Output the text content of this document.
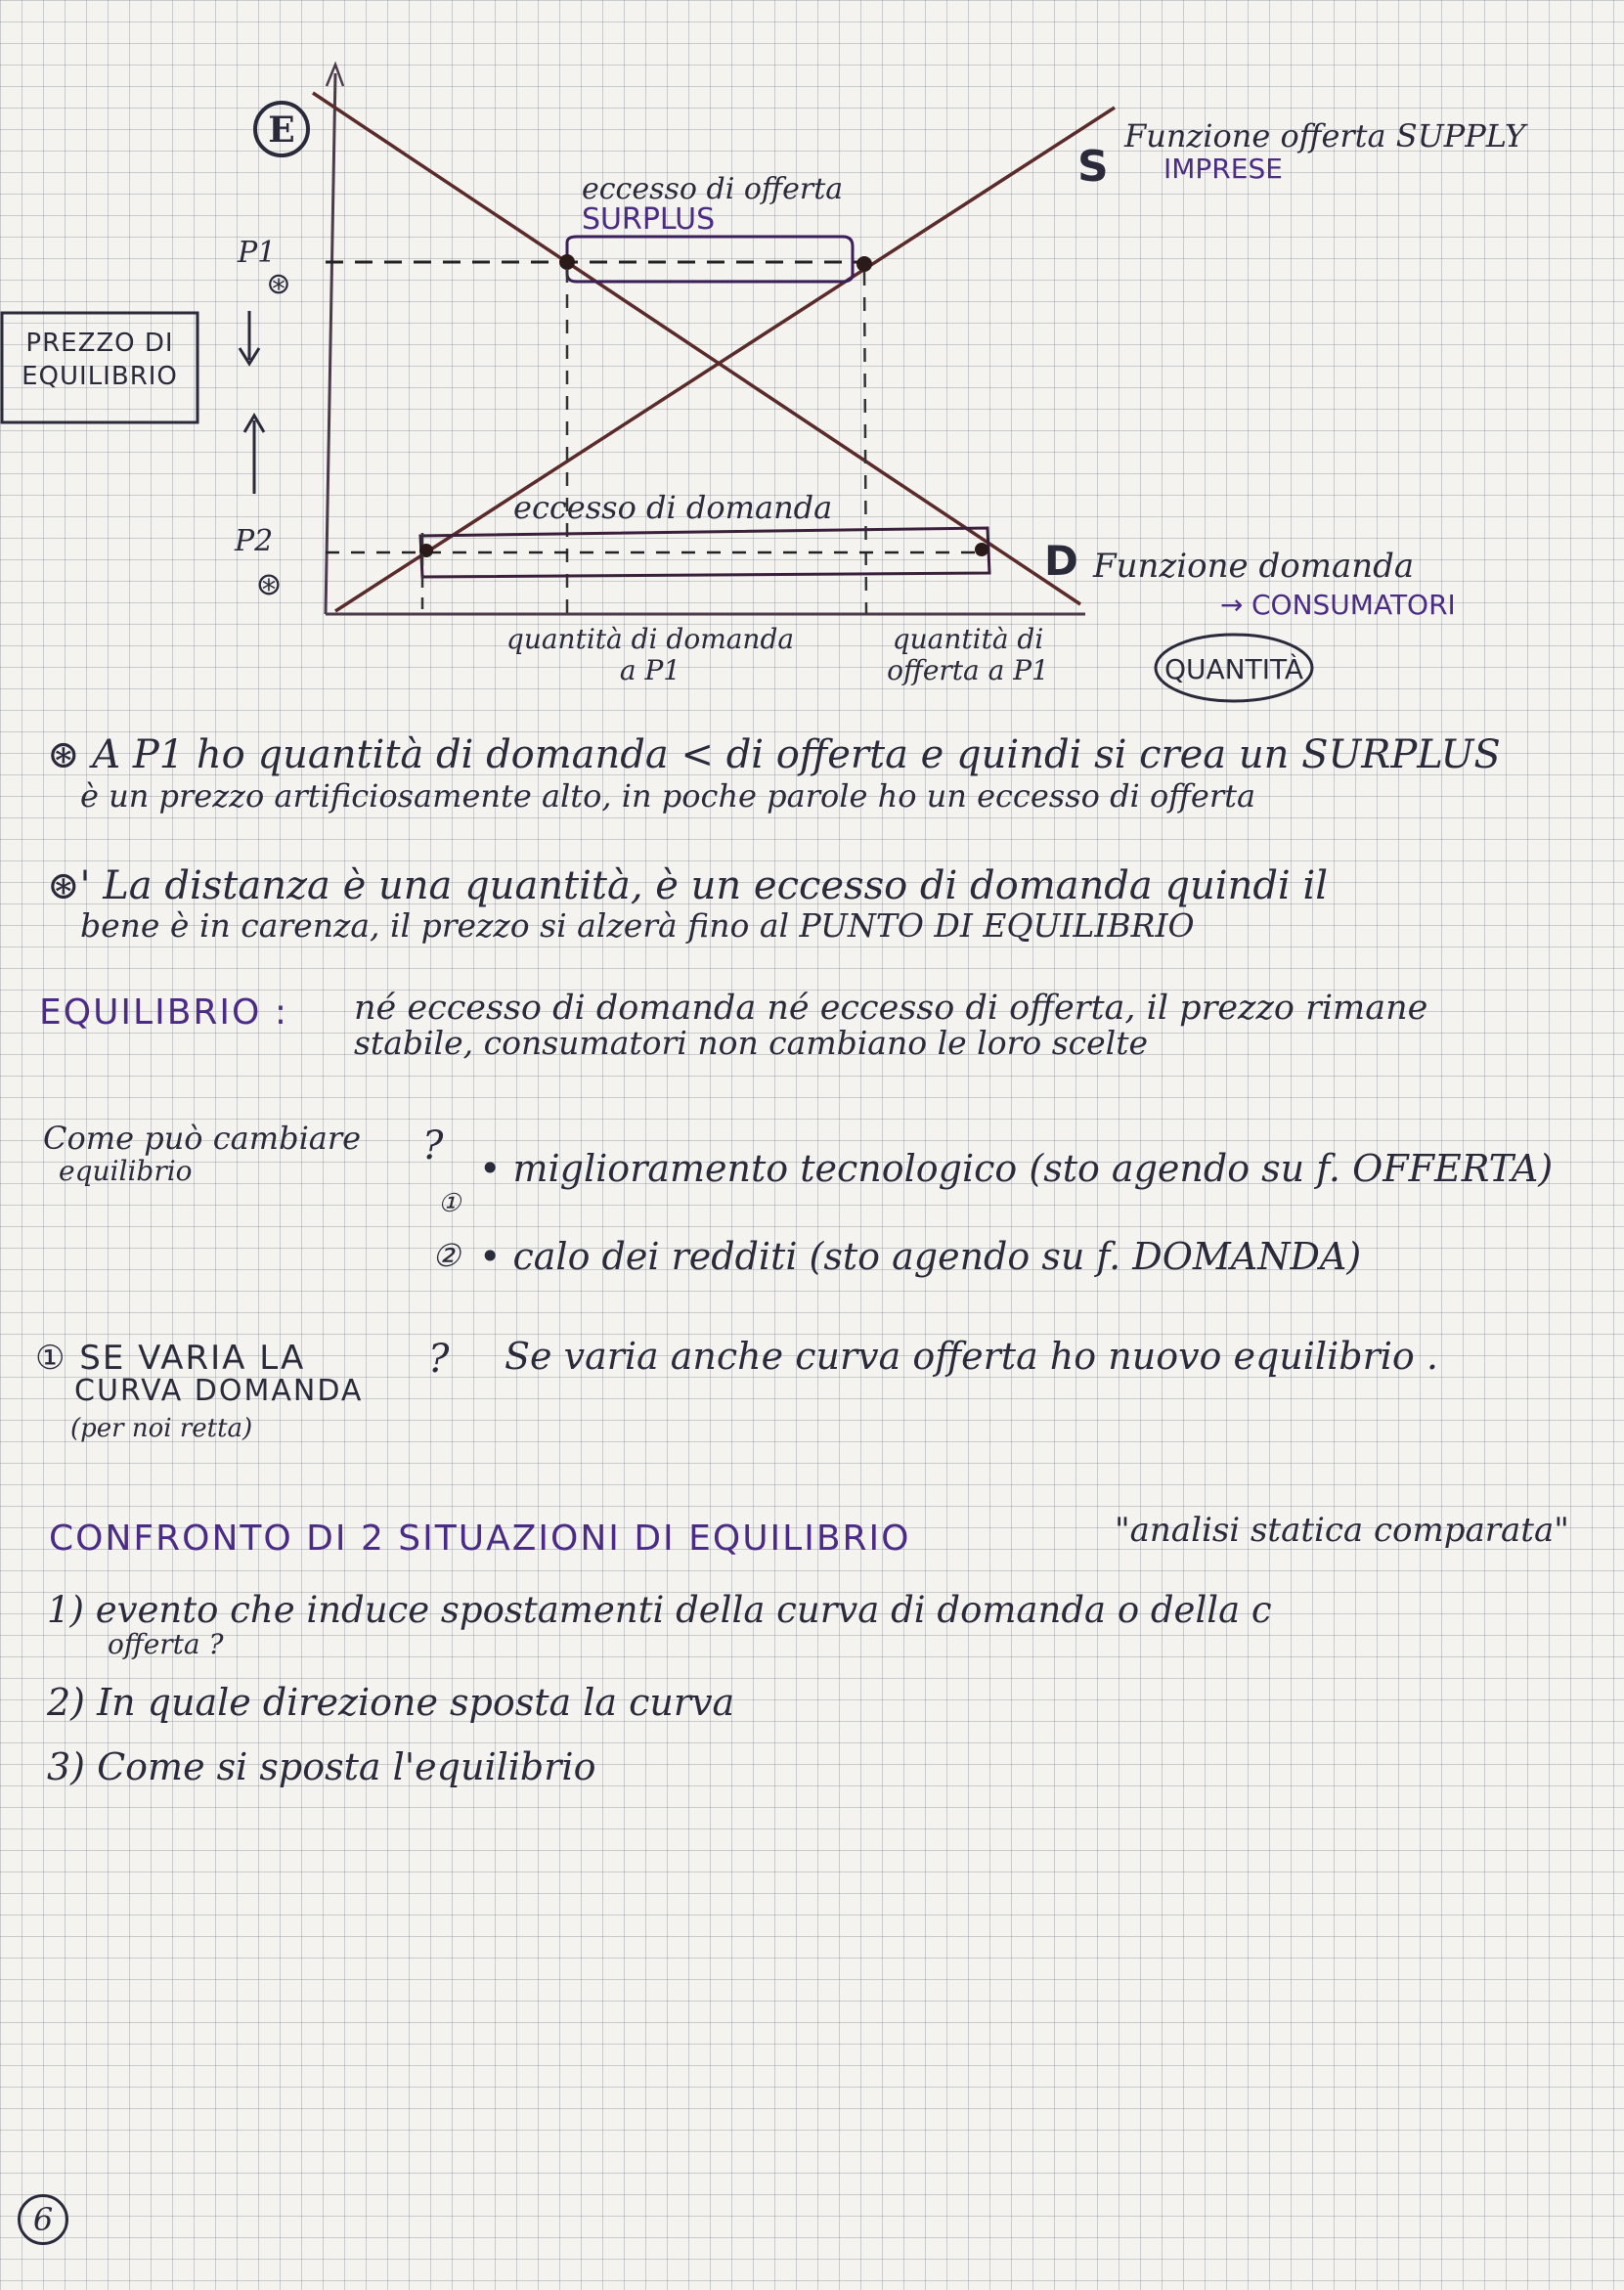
E
P1
⊛
P2
⊛
PREZZO DI EQUILIBRIO
eccesso di offerta
SURPLUS
eccesso di domanda
S
Funzione offerta SUPPLY
IMPRESE
D Funzione domanda
→ CONSUMATORI
quantità di domanda a P1
quantità di offerta a P1	QUANTITÀ
⊛ A P1 ho quantità di domanda < di offerta e quindi si crea un SURPLUS
è un prezzo artificiosamente alto, in poche parole ho un eccesso di offerta
⊛' La distanza è una quantità, è un eccesso di domanda quindi il
bene è in carenza, il prezzo si alzerà fino al PUNTO DI EQUILIBRIO
EQUILIBRIO : né eccesso di domanda né eccesso di offerta, il prezzo rimane
stabile, consumatori non cambiano le loro scelte
Come può cambiare
equilibrio
?
①
• miglioramento tecnologico (sto agendo su f. OFFERTA)
② • calo dei redditi (sto agendo su f. DOMANDA)
① SE VARIA LA
CURVA DOMANDA
(per noi retta)
? Se varia anche curva offerta ho nuovo equilibrio .
CONFRONTO DI 2 SITUAZIONI DI EQUILIBRIO	"analisi statica comparata"
1) evento che induce spostamenti della curva di domanda o della c
offerta ?
2) In quale direzione sposta la curva
3) Come si sposta l'equilibrio
6
